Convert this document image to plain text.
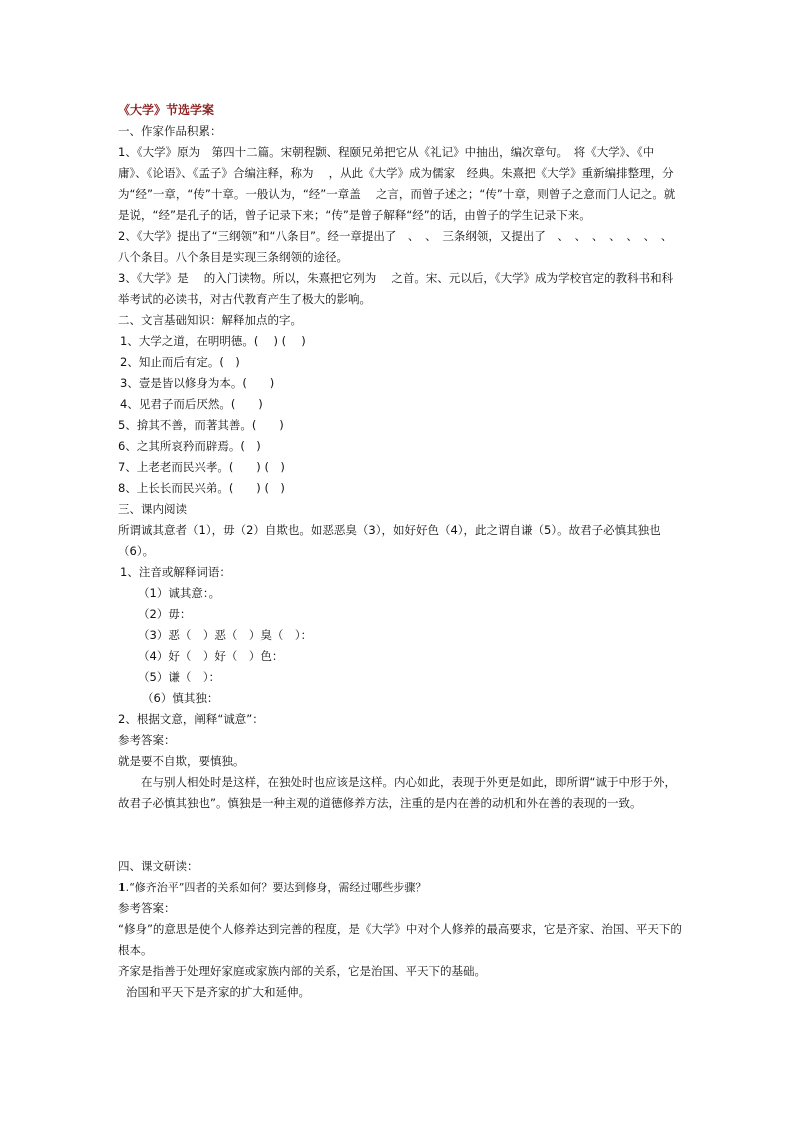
《大学》节选学案

一、作家作品积累：

1、《大学》原为　第四十二篇。宋朝程颢、程颐兄弟把它从《礼记》中抽出，编次章句。　将《大学》、《中庸》、《论语》、《孟子》合编注释，称为　 ，从此《大学》成为儒家　经典。朱熹把《大学》重新编排整理，分为“经”一章，“传”十章。一般认为，“经”一章盖　 之言，而曾子述之；“传”十章，则曾子之意而门人记之。就是说，“经”是孔子的话，曾子记录下来；“传”是曾子解释“经”的话，由曾子的学生记录下来。

2、《大学》提出了“三纲领”和“八条目”。经一章提出了　、　、　三条纲领，又提出了　、　、　、　、　、　、　、　八个条目。八个条目是实现三条纲领的途径。

3、《大学》是　 的入门读物。所以，朱熹把它列为　 之首。宋、元以后，《大学》成为学校官定的教科书和科举考试的必读书，对古代教育产生了极大的影响。

二、文言基础知识：解释加点的字。

1、大学之道，在明明德。(　 ) (　 )

2、知止而后有定。(　)

3、壹是皆以修身为本。(　　)

4、见君子而后厌然。(　　)

5、揜其不善，而著其善。(　　)

6、之其所哀矜而辟焉。(　)

7、上老老而民兴孝。(　　) (　)

8、上长长而民兴弟。(　　) (　)

三、课内阅读

所谓诚其意者（1），毋（2）自欺也。如恶恶臭（3），如好好色（4），此之谓自谦（5）。故君子必慎其独也（6）。

1、注音或解释词语：

（1）诚其意：。

（2）毋：

（3）恶（　）恶（　）臭（　）：

（4）好（　）好（　）色：

（5）谦（　）：

（6）慎其独：

2、根据文意，阐释“诚意”：

参考答案：

就是要不自欺，要慎独。

在与别人相处时是这样，在独处时也应该是这样。内心如此，表现于外更是如此，即所谓“诚于中形于外，故君子必慎其独也”。慎独是一种主观的道德修养方法，注重的是内在善的动机和外在善的表现的一致。

四、课文研读：

1.“修齐治平”四者的关系如何？要达到修身，需经过哪些步骤？

参考答案：

“修身”的意思是使个人修养达到完善的程度，是《大学》中对个人修养的最高要求，它是齐家、治国、平天下的根本。

齐家是指善于处理好家庭或家族内部的关系，它是治国、平天下的基础。

治国和平天下是齐家的扩大和延伸。
